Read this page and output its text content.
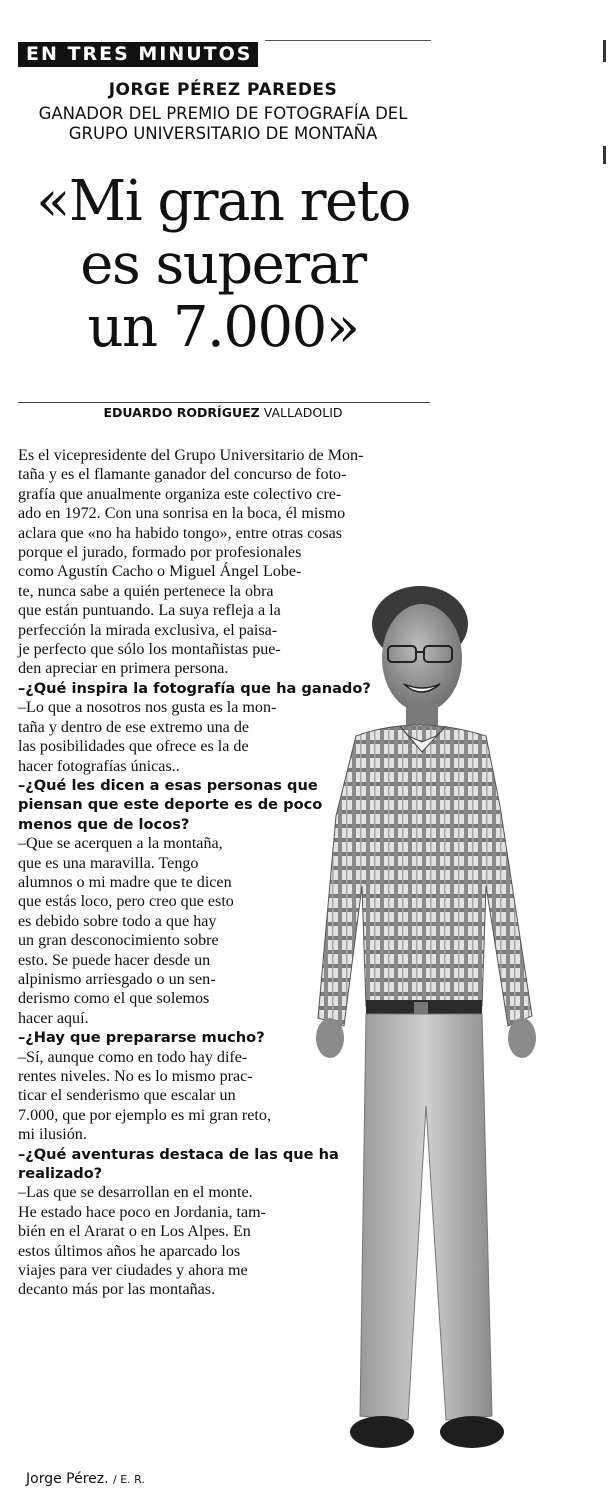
EN TRES MINUTOS
JORGE PÉREZ PAREDES
GANADOR DEL PREMIO DE FOTOGRAFÍA DEL
GRUPO UNIVERSITARIO DE MONTAÑA
«Mi gran reto
es superar
un 7.000»
EDUARDO RODRÍGUEZ VALLADOLID
Es el vicepresidente del Grupo Universitario de Mon-
taña y es el flamante ganador del concurso de foto-
grafía que anualmente organiza este colectivo cre-
ado en 1972. Con una sonrisa en la boca, él mismo
aclara que «no ha habido tongo», entre otras cosas
porque el jurado, formado por profesionales
como Agustín Cacho o Miguel Ángel Lobe-
te, nunca sabe a quién pertenece la obra
que están puntuando. La suya refleja a la
perfección la mirada exclusiva, el paisa-
je perfecto que sólo los montañistas pue-
den apreciar en primera persona.
–¿Qué inspira la fotografía que ha ganado?
–Lo que a nosotros nos gusta es la mon-
taña y dentro de ese extremo una de
las posibilidades que ofrece es la de
hacer fotografías únicas..
–¿Qué les dicen a esas personas que
piensan que este deporte es de poco
menos que de locos?
–Que se acerquen a la montaña,
que es una maravilla. Tengo
alumnos o mi madre que te dicen
que estás loco, pero creo que esto
es debido sobre todo a que hay
un gran desconocimiento sobre
esto. Se puede hacer desde un
alpinismo arriesgado o un sen-
derismo como el que solemos
hacer aquí.
–¿Hay que prepararse mucho?
–Sí, aunque como en todo hay dife-
rentes niveles. No es lo mismo prac-
ticar el senderismo que escalar un
7.000, que por ejemplo es mi gran reto,
mi ilusión.
–¿Qué aventuras destaca de las que ha
realizado?
–Las que se desarrollan en el monte.
He estado hace poco en Jordania, tam-
bién en el Ararat o en Los Alpes. En
estos últimos años he aparcado los
viajes para ver ciudades y ahora me
decanto más por las montañas.
Jorge Pérez. / E. R.
